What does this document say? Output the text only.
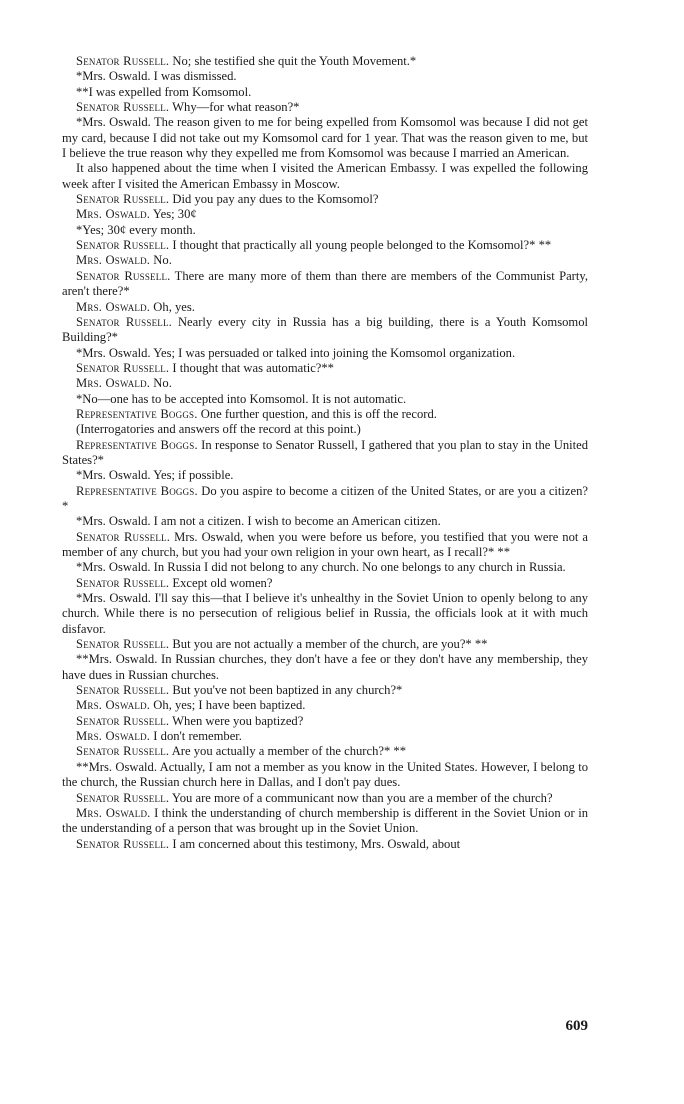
Senator Russell. No; she testified she quit the Youth Movement.*

*Mrs. Oswald. I was dismissed.

**I was expelled from Komsomol.

Senator Russell. Why—for what reason?*

*Mrs. Oswald. The reason given to me for being expelled from Komsomol was because I did not get my card, because I did not take out my Komsomol card for 1 year. That was the reason given to me, but I believe the true reason why they expelled me from Komsomol was because I married an American.

It also happened about the time when I visited the American Embassy. I was expelled the following week after I visited the American Embassy in Moscow.

Senator Russell. Did you pay any dues to the Komsomol?

Mrs. Oswald. Yes; 30¢

*Yes; 30¢ every month.

Senator Russell. I thought that practically all young people belonged to the Komsomol?* **

Mrs. Oswald. No.

Senator Russell. There are many more of them than there are members of the Communist Party, aren't there?*

Mrs. Oswald. Oh, yes.

Senator Russell. Nearly every city in Russia has a big building, there is a Youth Komsomol Building?*

*Mrs. Oswald. Yes; I was persuaded or talked into joining the Komsomol organization.

Senator Russell. I thought that was automatic?**

Mrs. Oswald. No.

*No—one has to be accepted into Komsomol. It is not automatic.

Representative Boggs. One further question, and this is off the record.

(Interrogatories and answers off the record at this point.)

Representative Boggs. In response to Senator Russell, I gathered that you plan to stay in the United States?*

*Mrs. Oswald. Yes; if possible.

Representative Boggs. Do you aspire to become a citizen of the United States, or are you a citizen?*

*Mrs. Oswald. I am not a citizen. I wish to become an American citizen.

Senator Russell. Mrs. Oswald, when you were before us before, you testified that you were not a member of any church, but you had your own religion in your own heart, as I recall?* **

*Mrs. Oswald. In Russia I did not belong to any church. No one belongs to any church in Russia.

Senator Russell. Except old women?

*Mrs. Oswald. I'll say this—that I believe it's unhealthy in the Soviet Union to openly belong to any church. While there is no persecution of religious belief in Russia, the officials look at it with much disfavor.

Senator Russell. But you are not actually a member of the church, are you?* **

**Mrs. Oswald. In Russian churches, they don't have a fee or they don't have any membership, they have dues in Russian churches.

Senator Russell. But you've not been baptized in any church?*

Mrs. Oswald. Oh, yes; I have been baptized.

Senator Russell. When were you baptized?

Mrs. Oswald. I don't remember.

Senator Russell. Are you actually a member of the church?* **

**Mrs. Oswald. Actually, I am not a member as you know in the United States. However, I belong to the church, the Russian church here in Dallas, and I don't pay dues.

Senator Russell. You are more of a communicant now than you are a member of the church?

Mrs. Oswald. I think the understanding of church membership is different in the Soviet Union or in the understanding of a person that was brought up in the Soviet Union.

Senator Russell. I am concerned about this testimony, Mrs. Oswald, about

609
